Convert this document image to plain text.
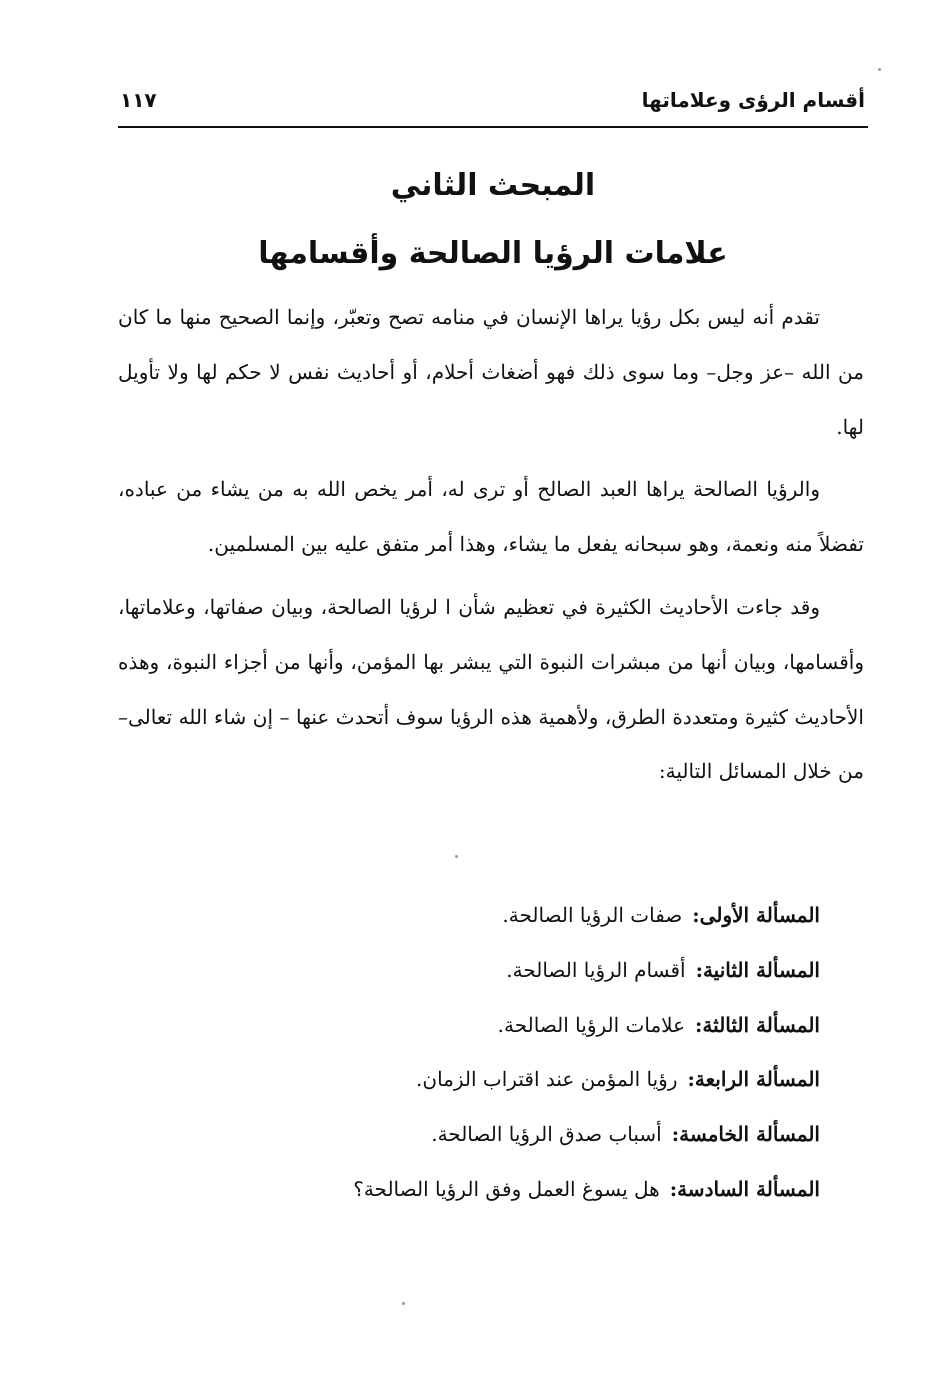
أقسام الرؤى وعلاماتها
١١٧
المبحث الثاني
علامات الرؤيا الصالحة وأقسامها

تقدم أنه ليس بكل رؤيا يراها الإنسان في منامه تصح وتعبّر، وإنما الصحيح منها ما كان من الله –عز وجل– وما سوى ذلك فهو أضغاث أحلام، أو أحاديث نفس لا حكم لها ولا تأويل لها.

والرؤيا الصالحة يراها العبد الصالح أو ترى له، أمر يخص الله به من يشاء من عباده، تفضلاً منه ونعمة، وهو سبحانه يفعل ما يشاء، وهذا أمر متفق عليه بين المسلمين.

وقد جاءت الأحاديث الكثيرة في تعظيم شأن ا لرؤيا الصالحة، وبيان صفاتها، وعلاماتها، وأقسامها، وبيان أنها من مبشرات النبوة التي يبشر بها المؤمن، وأنها من أجزاء النبوة، وهذه الأحاديث كثيرة ومتعددة الطرق، ولأهمية هذه الرؤيا سوف أتحدث عنها – إن شاء الله تعالى– من خلال المسائل التالية:

المسألة الأولى:صفات الرؤيا الصالحة.
المسألة الثانية:أقسام الرؤيا الصالحة.
المسألة الثالثة:علامات الرؤيا الصالحة.
المسألة الرابعة:رؤيا المؤمن عند اقتراب الزمان.
المسألة الخامسة:أسباب صدق الرؤيا الصالحة.
المسألة السادسة:هل يسوغ العمل وفق الرؤيا الصالحة؟
